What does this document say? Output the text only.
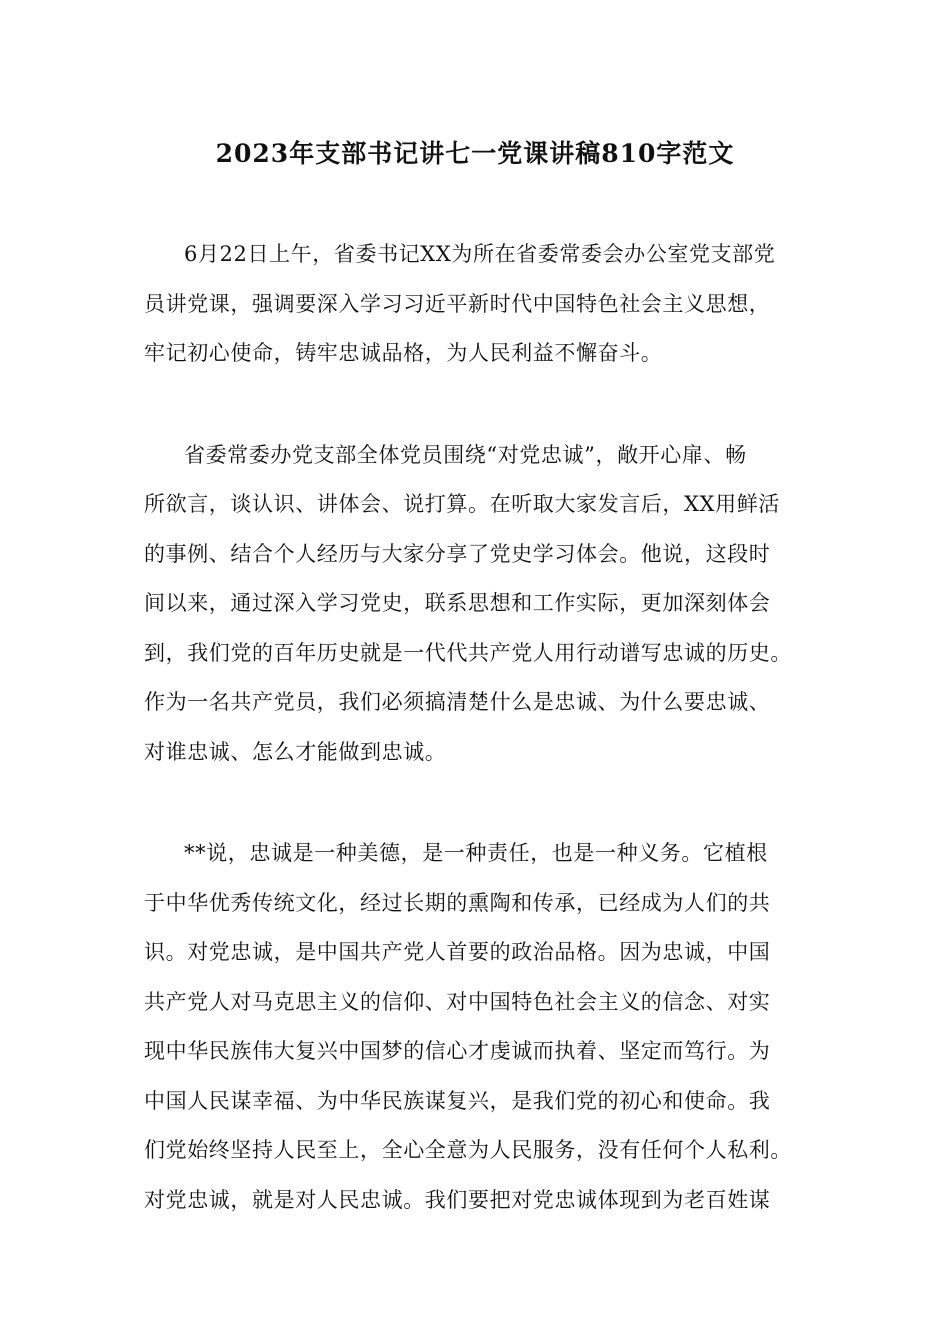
2023年支部书记讲七一党课讲稿810字范文

6月22日上午，省委书记XX为所在省委常委会办公室党支部党
员讲党课，强调要深入学习习近平新时代中国特色社会主义思想，
牢记初心使命，铸牢忠诚品格，为人民利益不懈奋斗。

省委常委办党支部全体党员围绕“对党忠诚”，敞开心扉、畅
所欲言，谈认识、讲体会、说打算。在听取大家发言后，XX用鲜活
的事例、结合个人经历与大家分享了党史学习体会。他说，这段时
间以来，通过深入学习党史，联系思想和工作实际，更加深刻体会
到，我们党的百年历史就是一代代共产党人用行动谱写忠诚的历史。
作为一名共产党员，我们必须搞清楚什么是忠诚、为什么要忠诚、
对谁忠诚、怎么才能做到忠诚。

**说，忠诚是一种美德，是一种责任，也是一种义务。它植根
于中华优秀传统文化，经过长期的熏陶和传承，已经成为人们的共
识。对党忠诚，是中国共产党人首要的政治品格。因为忠诚，中国
共产党人对马克思主义的信仰、对中国特色社会主义的信念、对实
现中华民族伟大复兴中国梦的信心才虔诚而执着、坚定而笃行。为
中国人民谋幸福、为中华民族谋复兴，是我们党的初心和使命。我
们党始终坚持人民至上，全心全意为人民服务，没有任何个人私利。
对党忠诚，就是对人民忠诚。我们要把对党忠诚体现到为老百姓谋
